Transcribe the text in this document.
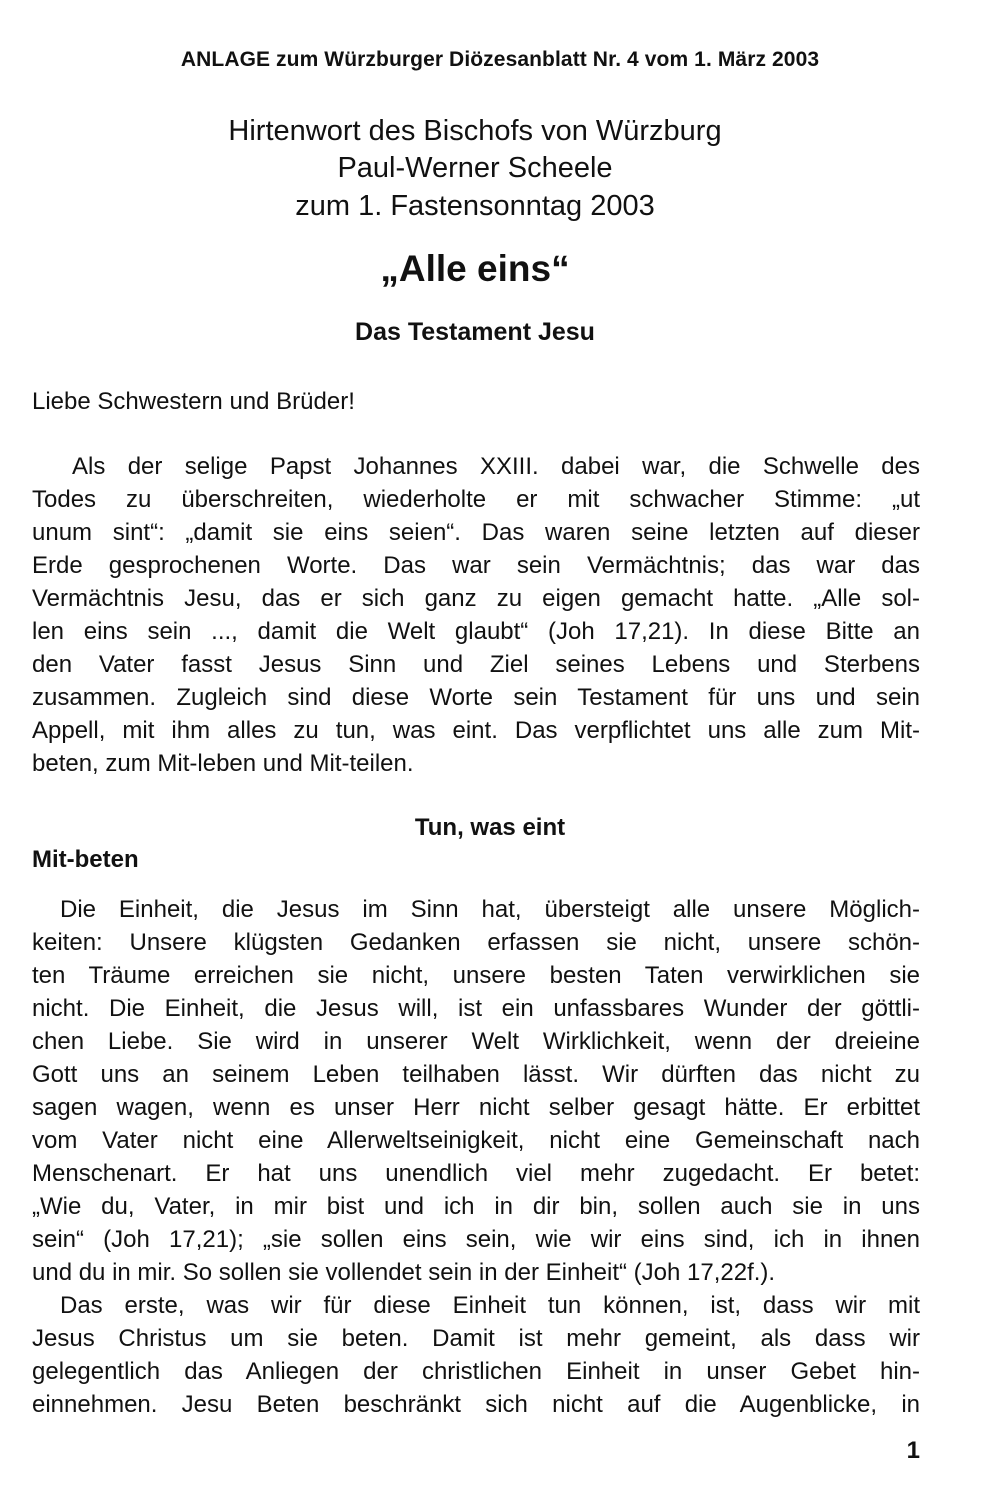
ANLAGE zum Würzburger Diözesanblatt Nr. 4 vom 1. März 2003
Hirtenwort des Bischofs von Würzburg
Paul-Werner Scheele
zum 1. Fastensonntag 2003
„Alle eins“
Das Testament Jesu
Liebe Schwestern und Brüder!
Als der selige Papst Johannes XXIII. dabei war, die Schwelle des
Todes zu überschreiten, wiederholte er mit schwacher Stimme: „ut
unum sint“: „damit sie eins seien“. Das waren seine letzten auf dieser
Erde gesprochenen Worte. Das war sein Vermächtnis; das war das
Vermächtnis Jesu, das er sich ganz zu eigen gemacht hatte. „Alle sol-
len eins sein ..., damit die Welt glaubt“ (Joh 17,21). In diese Bitte an
den Vater fasst Jesus Sinn und Ziel seines Lebens und Sterbens
zusammen. Zugleich sind diese Worte sein Testament für uns und sein
Appell, mit ihm alles zu tun, was eint. Das verpflichtet uns alle zum Mit-
beten, zum Mit-leben und Mit-teilen.
Tun, was eint
Mit-beten
Die Einheit, die Jesus im Sinn hat, übersteigt alle unsere Möglich-
keiten: Unsere klügsten Gedanken erfassen sie nicht, unsere schön-
ten Träume erreichen sie nicht, unsere besten Taten verwirklichen sie
nicht. Die Einheit, die Jesus will, ist ein unfassbares Wunder der göttli-
chen Liebe. Sie wird in unserer Welt Wirklichkeit, wenn der dreieine
Gott uns an seinem Leben teilhaben lässt. Wir dürften das nicht zu
sagen wagen, wenn es unser Herr nicht selber gesagt hätte. Er erbittet
vom Vater nicht eine Allerweltseinigkeit, nicht eine Gemeinschaft nach
Menschenart. Er hat uns unendlich viel mehr zugedacht. Er betet:
„Wie du, Vater, in mir bist und ich in dir bin, sollen auch sie in uns
sein“ (Joh 17,21); „sie sollen eins sein, wie wir eins sind, ich in ihnen
und du in mir. So sollen sie vollendet sein in der Einheit“ (Joh 17,22f.).
Das erste, was wir für diese Einheit tun können, ist, dass wir mit
Jesus Christus um sie beten. Damit ist mehr gemeint, als dass wir
gelegentlich das Anliegen der christlichen Einheit in unser Gebet hin-
einnehmen. Jesu Beten beschränkt sich nicht auf die Augenblicke, in
1
